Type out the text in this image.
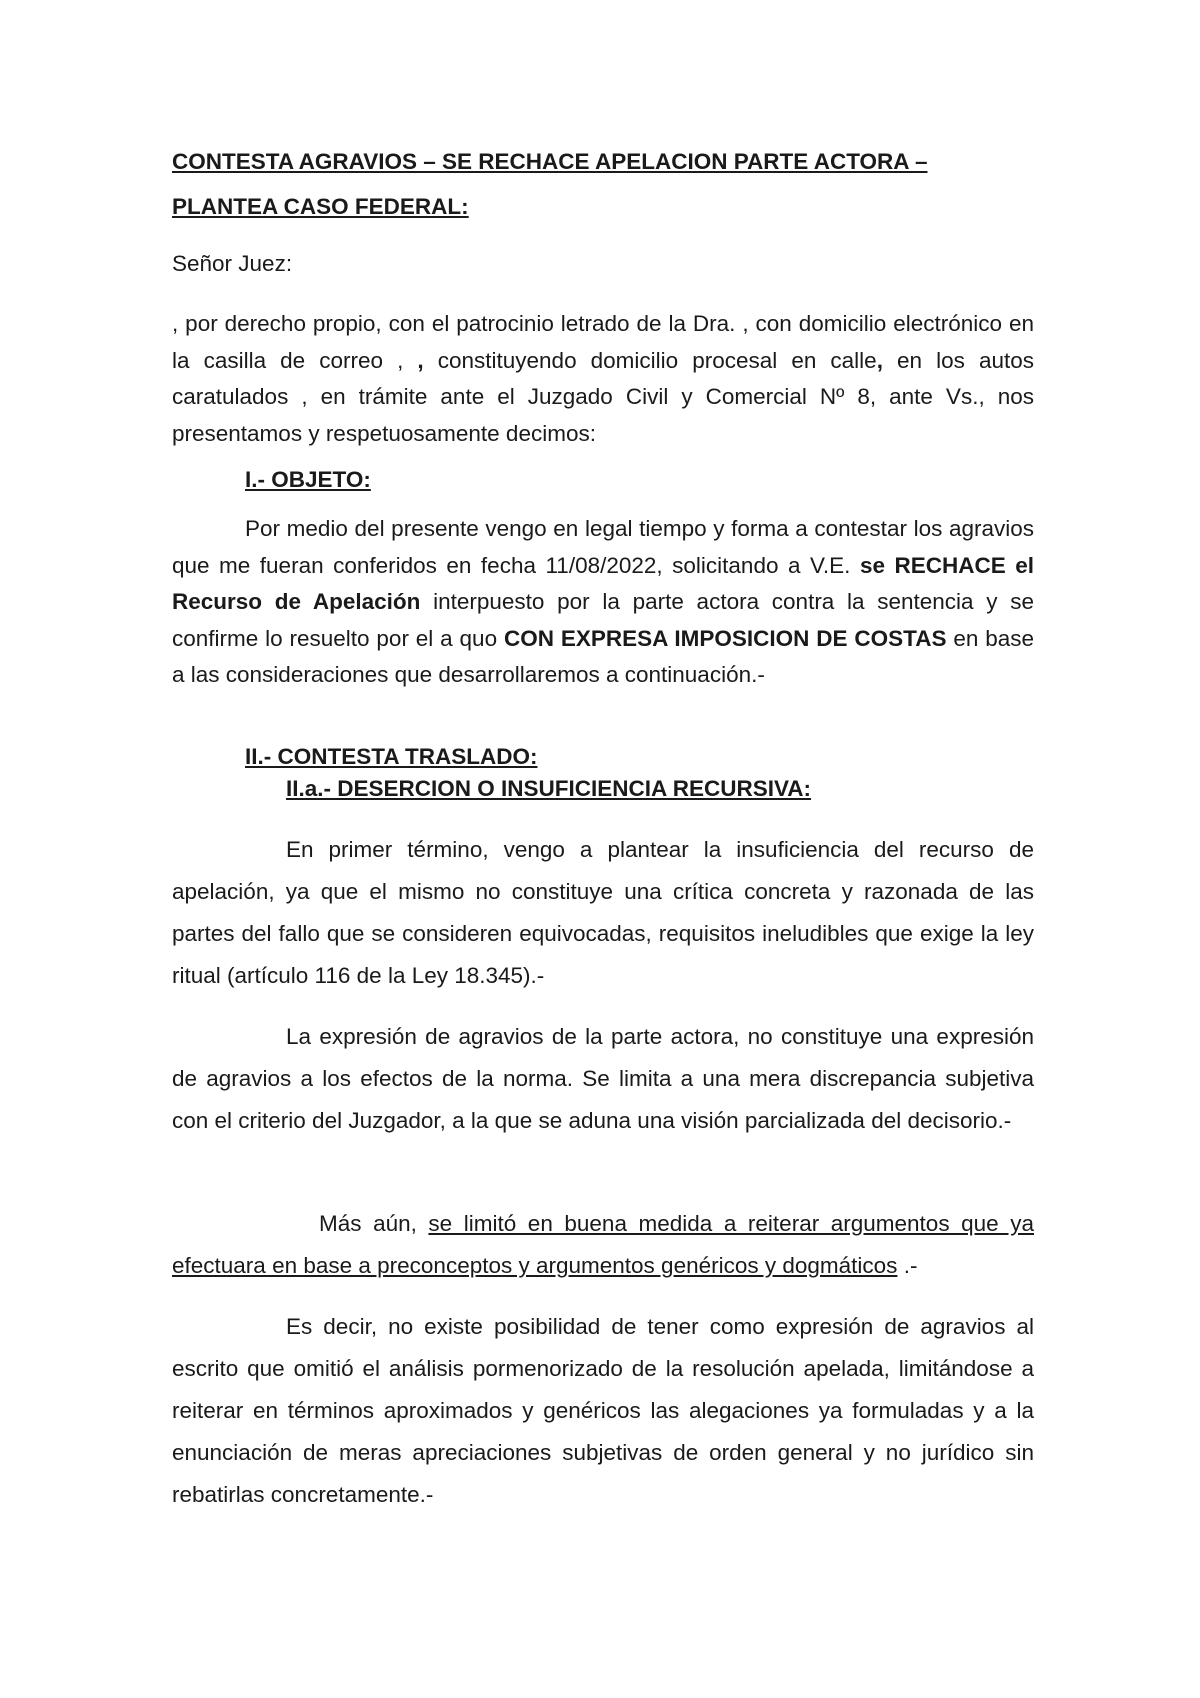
CONTESTA AGRAVIOS – SE RECHACE APELACION PARTE ACTORA –
PLANTEA CASO FEDERAL:
Señor Juez:

, por derecho propio, con el patrocinio letrado de la Dra. , con domicilio electrónico en la casilla de correo , , constituyendo domicilio procesal en calle, en los autos caratulados , en trámite ante el Juzgado Civil y Comercial Nº 8, ante Vs., nos presentamos y respetuosamente decimos:

I.- OBJETO:

Por medio del presente vengo en legal tiempo y forma a contestar los agravios que me fueran conferidos en fecha 11/08/2022, solicitando a V.E. se RECHACE el Recurso de Apelación interpuesto por la parte actora contra la sentencia y se confirme lo resuelto por el a quo CON EXPRESA IMPOSICION DE COSTAS en base a las consideraciones que desarrollaremos a continuación.-

II.- CONTESTA TRASLADO:
II.a.- DESERCION O INSUFICIENCIA RECURSIVA:

En primer término, vengo a plantear la insuficiencia del recurso de apelación, ya que el mismo no constituye una crítica concreta y razonada de las partes del fallo que se consideren equivocadas, requisitos ineludibles que exige la ley ritual (artículo 116 de la Ley 18.345).-

La expresión de agravios de la parte actora, no constituye una expresión de agravios a los efectos de la norma. Se limita a una mera discrepancia subjetiva con el criterio del Juzgador, a la que se aduna una visión parcializada del decisorio.-

Más aún, se limitó en buena medida a reiterar argumentos que ya efectuara en base a preconceptos y argumentos genéricos y dogmáticos .-

Es decir, no existe posibilidad de tener como expresión de agravios al escrito que omitió el análisis pormenorizado de la resolución apelada, limitándose a reiterar en términos aproximados y genéricos las alegaciones ya formuladas y a la enunciación de meras apreciaciones subjetivas de orden general y no jurídico sin rebatirlas concretamente.-
